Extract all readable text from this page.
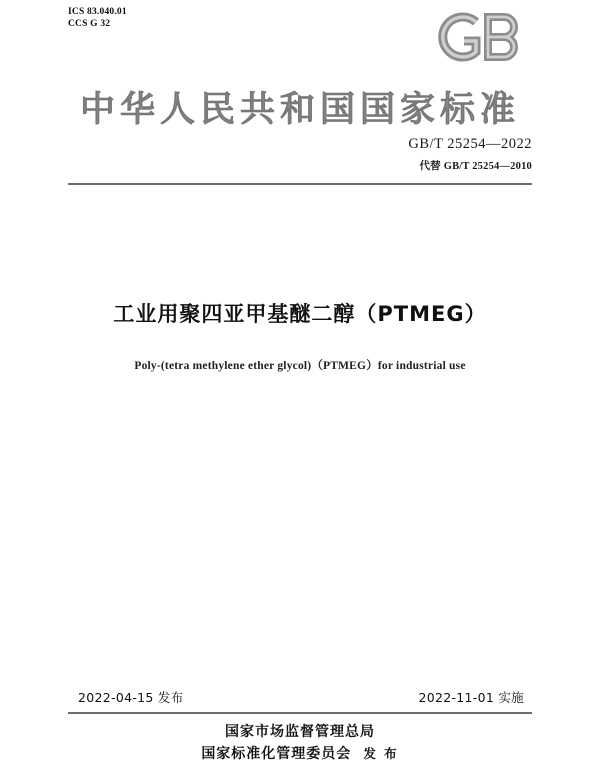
ICS 83.040.01
CCS G 32
中华人民共和国国家标准
GB/T 25254—2022
代替 GB/T 25254—2010
工业用聚四亚甲基醚二醇（PTMEG）
Poly-(tetra methylene ether glycol)（PTMEG）for industrial use
2022-04-15 发布	2022-11-01 实施
国家市场监督管理总局
国家标准化管理委员会 发 布
